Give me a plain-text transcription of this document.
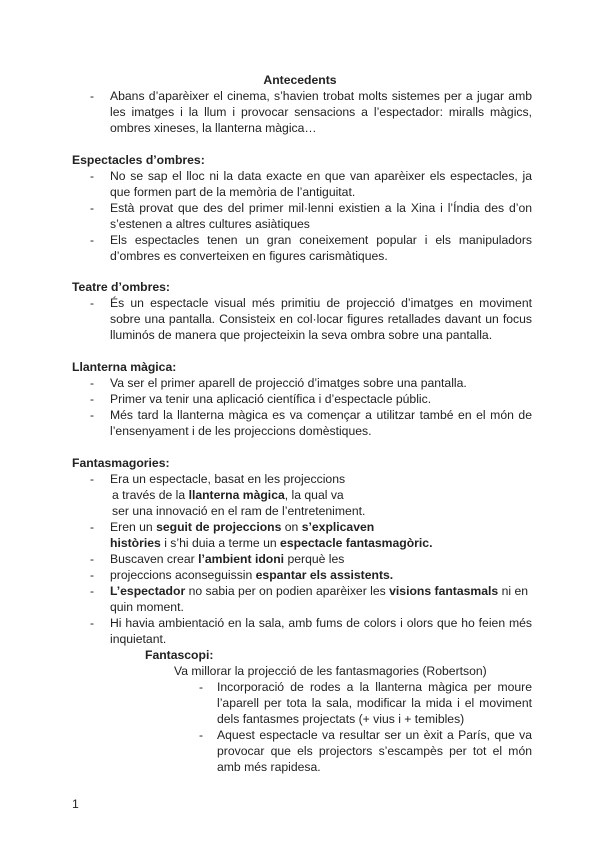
Antecedents
- Abans d’aparèixer el cinema, s’havien trobat molts sistemes per a jugar amb les imatges i la llum i provocar sensacions a l’espectador: miralls màgics, ombres xineses, la llanterna màgica…

Espectacles d’ombres:

- No se sap el lloc ni la data exacte en que van aparèixer els espectacles, ja que formen part de la memòria de l’antiguitat.
- Està provat que des del primer mil·lenni existien a la Xina i l’Índia des d’on s’estenen a altres cultures asiàtiques
- Els espectacles tenen un gran coneixement popular i els manipuladors d’ombres es converteixen en figures carismàtiques.

Teatre d’ombres:

- És un espectacle visual més primitiu de projecció d’imatges en moviment sobre una pantalla. Consisteix en col·locar figures retallades davant un focus lluminós de manera que projecteixin la seva ombra sobre una pantalla.

Llanterna màgica:

- Va ser el primer aparell de projecció d’imatges sobre una pantalla.
- Primer va tenir una aplicació científica i d’espectacle públic.
- Més tard la llanterna màgica es va començar a utilitzar també en el món de l’ensenyament i de les projeccions domèstiques.

Fantasmagories:

- Era un espectacle, basat en les projeccions
a través de la llanterna màgica, la qual va
ser una innovació en el ram de l’entreteniment.
- Eren un seguit de projeccions on s’explicaven
històries i s’hi duia a terme un espectacle fantasmagòric.
- Buscaven crear l’ambient idoni perquè les
- projeccions aconseguissin espantar els assistents.
- L’espectador no sabia per on podien aparèixer les visions fantasmals ni en quin moment.
- Hi havia ambientació en la sala, amb fums de colors i olors que ho feien més inquietant.
Fantascopi:
Va millorar la projecció de les fantasmagories (Robertson)
- Incorporació de rodes a la llanterna màgica per moure l’aparell per tota la sala, modificar la mida i el moviment dels fantasmes projectats (+ vius i + temibles)
- Aquest espectacle va resultar ser un èxit a París, que va provocar que els projectors s’escampès per tot el món amb més rapidesa.
1
